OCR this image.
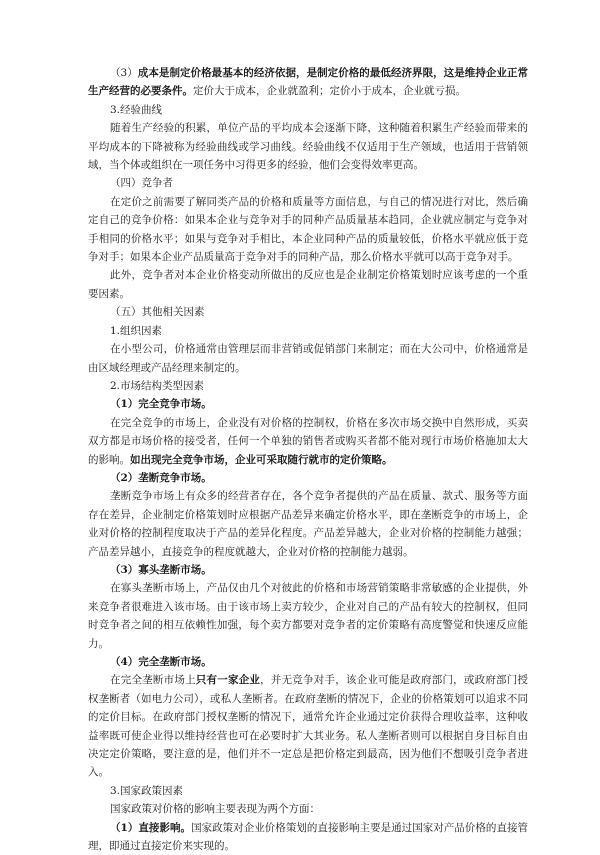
（3）成本是制定价格最基本的经济依据，是制定价格的最低经济界限，这是维持企业正常生产经营的必要条件。定价大于成本，企业就盈利；定价小于成本，企业就亏损。

3.经验曲线

随着生产经验的积累，单位产品的平均成本会逐渐下降，这种随着积累生产经验而带来的平均成本的下降被称为经验曲线或学习曲线。经验曲线不仅适用于生产领域，也适用于营销领域，当个体或组织在一项任务中习得更多的经验，他们会变得效率更高。

（四）竞争者

在定价之前需要了解同类产品的价格和质量等方面信息，与自己的情况进行对比，然后确定自己的竞争价格：如果本企业与竞争对手的同种产品质量基本趋同，企业就应制定与竞争对手相同的价格水平；如果与竞争对手相比，本企业同种产品的质量较低，价格水平就应低于竞争对手；如果本企业产品质量高于竞争对手的同种产品，那么价格水平就可以高于竞争对手。

此外，竞争者对本企业价格变动所做出的反应也是企业制定价格策划时应该考虑的一个重要因素。

（五）其他相关因素

1.组织因素

在小型公司，价格通常由管理层而非营销或促销部门来制定；而在大公司中，价格通常是由区域经理或产品经理来制定的。

2.市场结构类型因素

（1）完全竞争市场。

在完全竞争的市场上，企业没有对价格的控制权，价格在多次市场交换中自然形成，买卖双方都是市场价格的接受者，任何一个单独的销售者或购买者都不能对现行市场价格施加太大的影响。如出现完全竞争市场，企业可采取随行就市的定价策略。

（2）垄断竞争市场。

垄断竞争市场上有众多的经营者存在，各个竞争者提供的产品在质量、款式、服务等方面存在差异，企业制定价格策划时应根据产品差异来确定价格水平，即在垄断竞争的市场上，企业对价格的控制程度取决于产品的差异化程度。产品差异越大，企业对价格的控制能力越强；产品差异越小，直接竞争的程度就越大，企业对价格的控制能力越弱。

（3）寡头垄断市场。

在寡头垄断市场上，产品仅由几个对彼此的价格和市场营销策略非常敏感的企业提供，外来竞争者很难进入该市场。由于该市场上卖方较少，企业对自己的产品有较大的控制权，但同时竞争者之间的相互依赖性加强，每个卖方都要对竞争者的定价策略有高度警觉和快速反应能力。

（4）完全垄断市场。

在完全垄断市场上只有一家企业，并无竞争对手，该企业可能是政府部门，或政府部门授权垄断者（如电力公司），或私人垄断者。在政府垄断的情况下，企业的价格策划可以追求不同的定价目标。在政府部门授权垄断的情况下，通常允许企业通过定价获得合理收益率，这种收益率既可使企业得以维持经营也可在必要时扩大其业务。私人垄断者则可以根据自身目标自由决定定价策略，要注意的是，他们并不一定总是把价格定到最高，因为他们不想吸引竞争者进入。

3.国家政策因素

国家政策对价格的影响主要表现为两个方面：

（1）直接影响。国家政策对企业价格策划的直接影响主要是通过国家对产品价格的直接管理，即通过直接定价来实现的。
